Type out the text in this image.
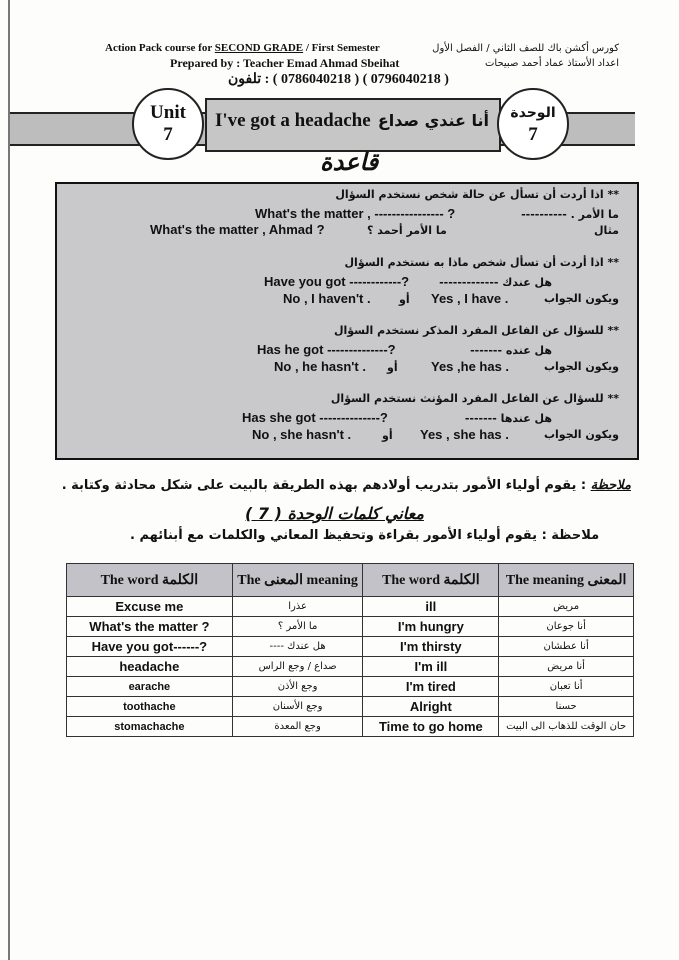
Action Pack course for SECOND GRADE / First Semester
Prepared by : Teacher Emad Ahmad Sbeihat
كورس أكشن باك للصف الثاني / الفصل الأول
اعداد الأستاذ عماد أحمد صبيحات
( 0796040218 ) ( 0786040218 ) : تلفون
I've got a headache أنا عندي صداع
Unit
7
الوحدة
7
قاعدة
** اذا أردت أن تسأل عن حالة شخص نستخدم السؤال
What's the matter , ---------------- ?	ما الأمر . ----------
مثال
ما الأمر أحمد ؟
What's the matter , Ahmad ?
** اذا أردت أن تسأل شخص ماذا به نستخدم السؤال
Have you got ------------?	هل عندك -------------
ويكون الجواب
Yes , I have .
أو
No , I haven't .
** للسؤال عن الفاعل المفرد المذكر نستخدم السؤال
Has he got --------------?	هل عنده -------
ويكون الجواب
Yes ,he has .
أو
No , he hasn't .
** للسؤال عن الفاعل المفرد المؤنث نستخدم السؤال
Has she got --------------?	هل عندها -------
ويكون الجواب
Yes , she has .
أو
No , she hasn't .
ملاحظة : يقوم أولياء الأمور بتدريب أولادهم بهذه الطريقة بالبيت على شكل محادثة وكتابة .
معاني كلمات الوحدة ( 7 )
ملاحظة : يقوم أولياء الأمور بقراءة وتحفيظ المعاني والكلمات مع أبنائهم .
The word الكلمة	The المعنى meaning	The word الكلمة	The meaning المعنى
Excuse me	عذرا	ill	مريض
What's the matter ?	ما الأمر ؟	I'm hungry	أنا جوعان
Have you got------?	هل عندك ----	I'm thirsty	أنا عطشان
headache	صداع / وجع الراس	I'm ill	أنا مريض
earache	وجع الأذن	I'm tired	أنا تعبان
toothache	وجع الأسنان	Alright	حسنا
stomachache	وجع المعدة	Time to go home	حان الوقت للذهاب الى البيت
